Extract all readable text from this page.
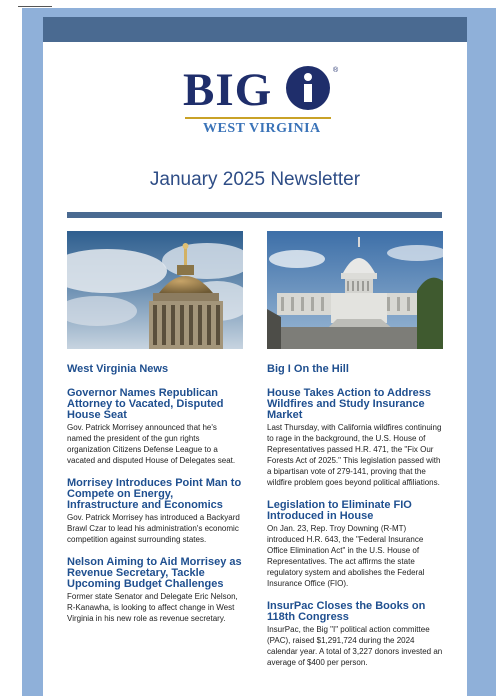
BIG	®
WEST VIRGINIA
January 2025 Newsletter
West Virginia News
Governor Names Republican Attorney to Vacated, Disputed House Seat
Gov. Patrick Morrisey announced that he's named the president of the gun rights organization Citizens Defense League to a vacated and disputed House of Delegates seat.
Morrisey Introduces Point Man to Compete on Energy, Infrastructure and Economics
Gov. Patrick Morrisey has introduced a Backyard Brawl Czar to lead his administration's economic competition against surrounding states.
Nelson Aiming to Aid Morrisey as Revenue Secretary, Tackle Upcoming Budget Challenges
Former state Senator and Delegate Eric Nelson, R-Kanawha, is looking to affect change in West Virginia in his new role as revenue secretary.
Big I On the Hill
House Takes Action to Address Wildfires and Study Insurance Market
Last Thursday, with California wildfires continuing to rage in the background, the U.S. House of Representatives passed H.R. 471, the "Fix Our Forests Act of 2025." This legislation passed with a bipartisan vote of 279-141, proving that the wildfire problem goes beyond political affiliations.
Legislation to Eliminate FIO Introduced in House
On Jan. 23, Rep. Troy Downing (R-MT) introduced H.R. 643, the "Federal Insurance Office Elimination Act" in the U.S. House of Representatives. The act affirms the state regulatory system and abolishes the Federal Insurance Office (FIO).
InsurPac Closes the Books on 118th Congress
InsurPac, the Big "I" political action committee (PAC), raised $1,291,724 during the 2024 calendar year. A total of 3,227 donors invested an average of $400 per person.
